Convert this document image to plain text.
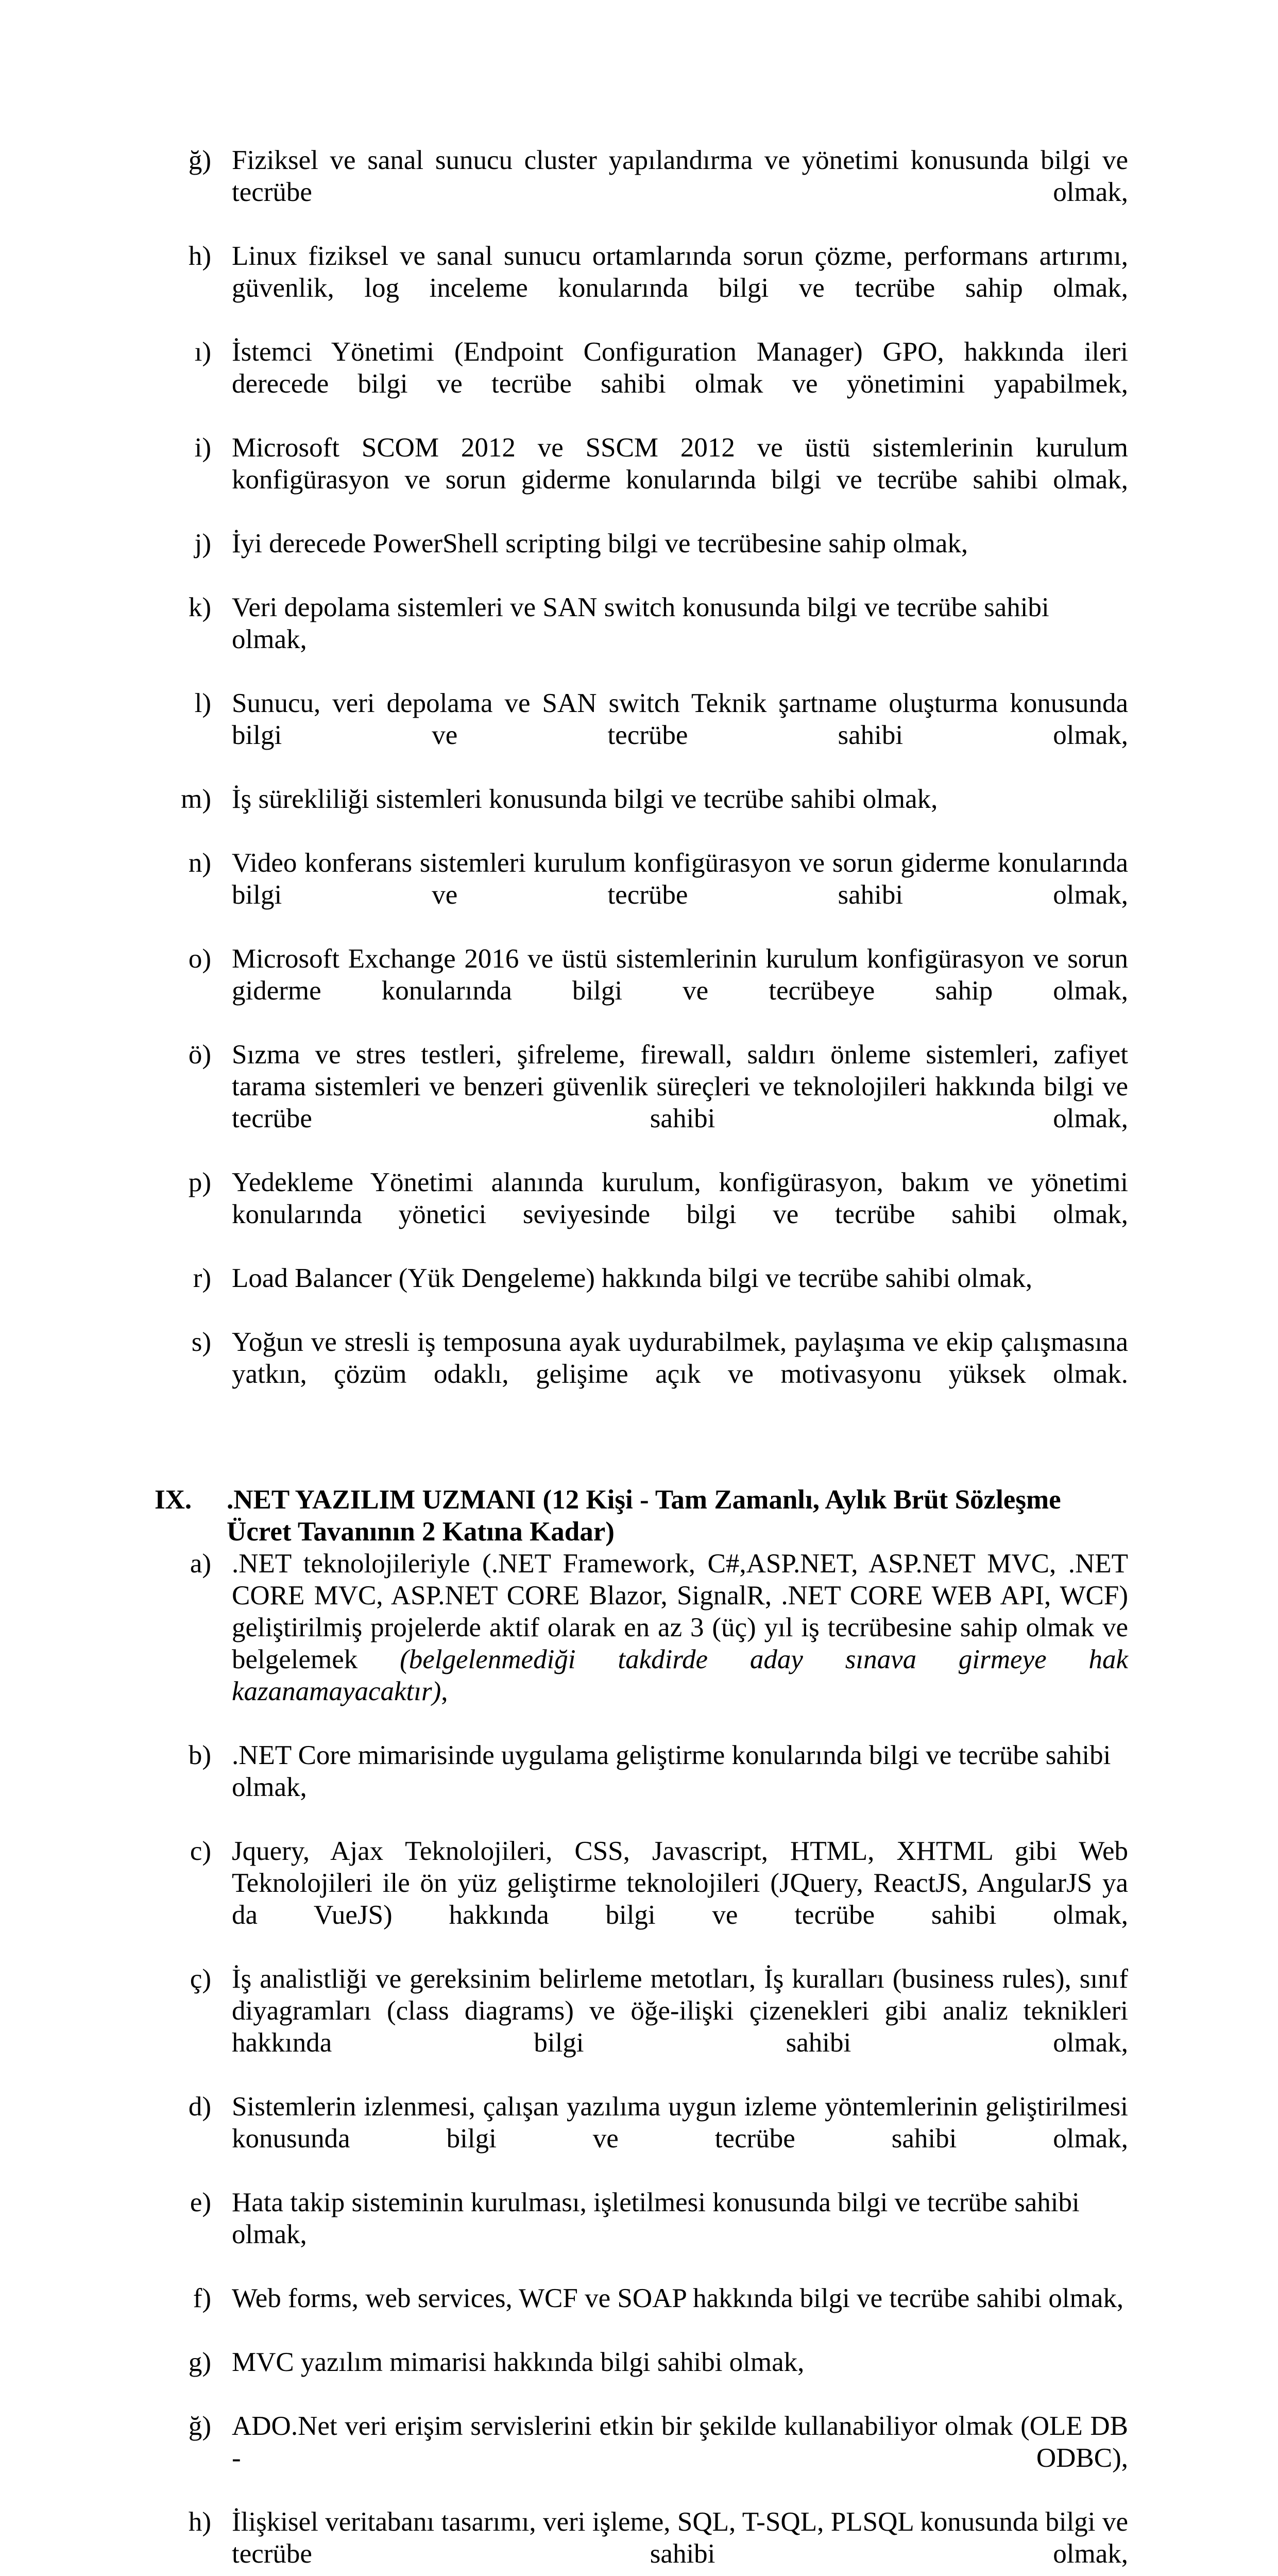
ğ) Fiziksel ve sanal sunucu cluster yapılandırma ve yönetimi konusunda bilgi ve tecrübe olmak,
h) Linux fiziksel ve sanal sunucu ortamlarında sorun çözme, performans artırımı, güvenlik, log inceleme konularında bilgi ve tecrübe sahip olmak,
ı) İstemci Yönetimi (Endpoint Configuration Manager) GPO, hakkında ileri derecede bilgi ve tecrübe sahibi olmak ve yönetimini yapabilmek,
i) Microsoft SCOM 2012 ve SSCM 2012 ve üstü sistemlerinin kurulum konfigürasyon ve sorun giderme konularında bilgi ve tecrübe sahibi olmak,
j) İyi derecede PowerShell scripting bilgi ve tecrübesine sahip olmak,
k) Veri depolama sistemleri ve SAN switch konusunda bilgi ve tecrübe sahibi olmak,
l) Sunucu, veri depolama ve SAN switch Teknik şartname oluşturma konusunda bilgi ve tecrübe sahibi olmak,
m) İş sürekliliği sistemleri konusunda bilgi ve tecrübe sahibi olmak,
n) Video konferans sistemleri kurulum konfigürasyon ve sorun giderme konularında bilgi ve tecrübe sahibi olmak,
o) Microsoft Exchange 2016 ve üstü sistemlerinin kurulum konfigürasyon ve sorun giderme konularında bilgi ve tecrübeye sahip olmak,
ö) Sızma ve stres testleri, şifreleme, firewall, saldırı önleme sistemleri, zafiyet tarama sistemleri ve benzeri güvenlik süreçleri ve teknolojileri hakkında bilgi ve tecrübe sahibi olmak,
p) Yedekleme Yönetimi alanında kurulum, konfigürasyon, bakım ve yönetimi konularında yönetici seviyesinde bilgi ve tecrübe sahibi olmak,
r) Load Balancer (Yük Dengeleme) hakkında bilgi ve tecrübe sahibi olmak,
s) Yoğun ve stresli iş temposuna ayak uydurabilmek, paylaşıma ve ekip çalışmasına yatkın, çözüm odaklı, gelişime açık ve motivasyonu yüksek olmak.
IX.	.NET YAZILIM UZMANI (12 Kişi - Tam Zamanlı, Aylık Brüt Sözleşme Ücret Tavanının 2 Katına Kadar)
a) .NET teknolojileriyle (.NET Framework, C#,ASP.NET, ASP.NET MVC, .NET CORE MVC, ASP.NET CORE Blazor, SignalR, .NET CORE WEB API, WCF) geliştirilmiş projelerde aktif olarak en az 3 (üç) yıl iş tecrübesine sahip olmak ve belgelemek (belgelenmediği takdirde aday sınava girmeye hak kazanamayacaktır),
b) .NET Core mimarisinde uygulama geliştirme konularında bilgi ve tecrübe sahibi olmak,
c) Jquery, Ajax Teknolojileri, CSS, Javascript, HTML, XHTML gibi Web Teknolojileri ile ön yüz geliştirme teknolojileri (JQuery, ReactJS, AngularJS ya da VueJS) hakkında bilgi ve tecrübe sahibi olmak,
ç) İş analistliği ve gereksinim belirleme metotları, İş kuralları (business rules), sınıf diyagramları (class diagrams) ve öğe-ilişki çizenekleri gibi analiz teknikleri hakkında bilgi sahibi olmak,
d) Sistemlerin izlenmesi, çalışan yazılıma uygun izleme yöntemlerinin geliştirilmesi konusunda bilgi ve tecrübe sahibi olmak,
e) Hata takip sisteminin kurulması, işletilmesi konusunda bilgi ve tecrübe sahibi olmak,
f) Web forms, web services, WCF ve SOAP hakkında bilgi ve tecrübe sahibi olmak,
g) MVC yazılım mimarisi hakkında bilgi sahibi olmak,
ğ) ADO.Net veri erişim servislerini etkin bir şekilde kullanabiliyor olmak (OLE DB - ODBC),
h) İlişkisel veritabanı tasarımı, veri işleme, SQL, T-SQL, PLSQL konusunda bilgi ve tecrübe sahibi olmak,
